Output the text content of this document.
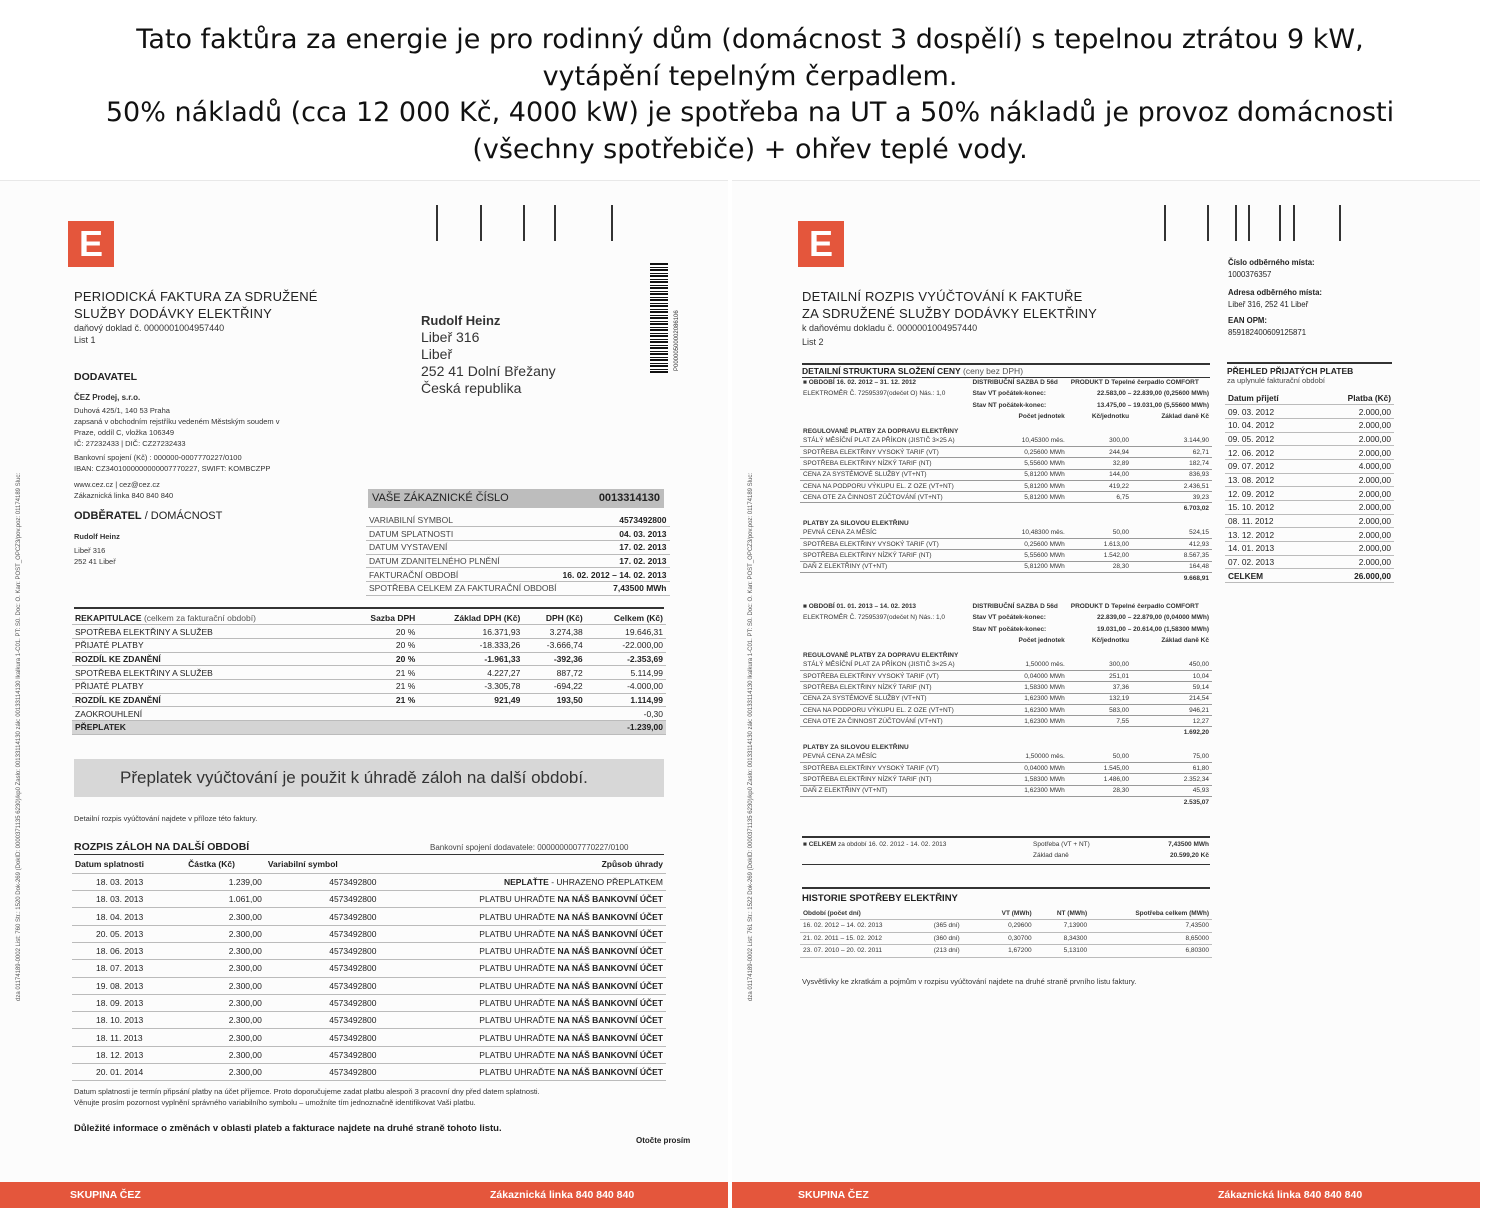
Tato faktůra za energie je pro rodinný dům (domácnost 3 dospělí) s tepelnou ztrátou 9 kW,
vytápění tepelným čerpadlem.
50% nákladů (cca 12 000 Kč, 4000 kW) je spotřeba na UT a 50% nákladů je provoz domácnosti
(všechny spotřebiče) + ohřev teplé vody.
dza 01174189-0002 List: 760 Str.: 1520 Dok-269 (DokID: 0000371135 6230)/kp0 Zaslo: 00133114130 zák: 00133114130 Ikalkura 1-C01. PT: S0. Doc: O. Kan: POST_OPCZ3/pov.poz: 01174189 Sluc:
E
P00000500002086106
PERIODICKÁ FAKTURA ZA SDRUŽENÉ
SLUŽBY DODÁVKY ELEKTŘINY
daňový doklad č. 0000001004957440
List 1
Rudolf Heinz
Libeř 316
Libeř
252 41 Dolní Břežany
Česká republika
DODAVATEL
ČEZ Prodej, s.r.o.
Duhová 425/1, 140 53 Praha
zapsaná v obchodním rejstříku vedeném Městským soudem v
Praze, oddíl C, vložka 106349
IČ: 27232433 | DIČ: CZ27232433
Bankovní spojení (Kč) : 000000-0007770227/0100
IBAN: CZ3401000000000007770227, SWIFT: KOMBCZPP
www.cez.cz | cez@cez.cz
Zákaznická linka 840 840 840
ODBĚRATEL / DOMÁCNOST
Rudolf Heinz
Libeř 316
252 41 Libeř
VAŠE ZÁKAZNICKÉ ČÍSLO	0013314130
VARIABILNÍ SYMBOL	4573492800
DATUM SPLATNOSTI	04. 03. 2013
DATUM VYSTAVENÍ	17. 02. 2013
DATUM ZDANITELNÉHO PLNĚNÍ	17. 02. 2013
FAKTURAČNÍ OBDOBÍ	16. 02. 2012 – 14. 02. 2013
SPOTŘEBA CELKEM ZA FAKTURAČNÍ OBDOBÍ	7,43500 MWh
REKAPITULACE (celkem za fakturační období)	Sazba DPH	Základ DPH (Kč)	DPH (Kč)	Celkem (Kč)
SPOTŘEBA ELEKTŘINY A SLUŽEB	20 %	16.371,93	3.274,38	19.646,31
PŘIJATÉ PLATBY	20 %	-18.333,26	-3.666,74	-22.000,00
ROZDÍL KE ZDANĚNÍ	20 %	-1.961,33	-392,36	-2.353,69
SPOTŘEBA ELEKTŘINY A SLUŽEB	21 %	4.227,27	887,72	5.114,99
PŘIJATÉ PLATBY	21 %	-3.305,78	-694,22	-4.000,00
ROZDÍL KE ZDANĚNÍ	21 %	921,49	193,50	1.114,99
ZAOKROUHLENÍ				-0,30
PŘEPLATEK				-1.239,00
Přeplatek vyúčtování je použit k úhradě záloh na další období.
Detailní rozpis vyúčtování najdete v příloze této faktury.
ROZPIS ZÁLOH NA DALŠÍ OBDOBÍ	Bankovní spojení dodavatele: 0000000007770227/0100
Datum splatnosti	Částka (Kč)	Variabilní symbol	Způsob úhrady
18. 03. 2013	1.239,00	4573492800	NEPLAŤTE - UHRAZENO PŘEPLATKEM
18. 03. 2013	1.061,00	4573492800	PLATBU UHRAĎTE NA NÁŠ BANKOVNÍ ÚČET
18. 04. 2013	2.300,00	4573492800	PLATBU UHRAĎTE NA NÁŠ BANKOVNÍ ÚČET
20. 05. 2013	2.300,00	4573492800	PLATBU UHRAĎTE NA NÁŠ BANKOVNÍ ÚČET
18. 06. 2013	2.300,00	4573492800	PLATBU UHRAĎTE NA NÁŠ BANKOVNÍ ÚČET
18. 07. 2013	2.300,00	4573492800	PLATBU UHRAĎTE NA NÁŠ BANKOVNÍ ÚČET
19. 08. 2013	2.300,00	4573492800	PLATBU UHRAĎTE NA NÁŠ BANKOVNÍ ÚČET
18. 09. 2013	2.300,00	4573492800	PLATBU UHRAĎTE NA NÁŠ BANKOVNÍ ÚČET
18. 10. 2013	2.300,00	4573492800	PLATBU UHRAĎTE NA NÁŠ BANKOVNÍ ÚČET
18. 11. 2013	2.300,00	4573492800	PLATBU UHRAĎTE NA NÁŠ BANKOVNÍ ÚČET
18. 12. 2013	2.300,00	4573492800	PLATBU UHRAĎTE NA NÁŠ BANKOVNÍ ÚČET
20. 01. 2014	2.300,00	4573492800	PLATBU UHRAĎTE NA NÁŠ BANKOVNÍ ÚČET
Datum splatnosti je termín připsání platby na účet příjemce. Proto doporučujeme zadat platbu alespoň 3 pracovní dny před datem splatnosti.
Věnujte prosím pozornost vyplnění správného variabilního symbolu – umožníte tím jednoznačně identifikovat Vaši platbu.
Důležité informace o změnách v oblasti plateb a fakturace najdete na druhé straně tohoto listu.
Otočte prosím
SKUPINA ČEZ	Zákaznická linka 840 840 840
dza 01174189-0002 List: 761 Str.: 1522 Dok-269 (DokID: 0000371135 6230)/kp0 Zaslo: 00133114130 zák: 00133114130 Ikalkura 1-C01. PT: S0. Doc: O. Kan: POST_OPCZ3/pov.poz: 01174189 Sluc:
E
DETAILNÍ ROZPIS VYÚČTOVÁNÍ K FAKTUŘE
ZA SDRUŽENÉ SLUŽBY DODÁVKY ELEKTŘINY
k daňovému dokladu č. 0000001004957440
List 2
Číslo odběrného místa:
1000376357
Adresa odběrného místa:
Libeř 316, 252 41 Libeř
EAN OPM:
859182400609125871
DETAILNÍ STRUKTURA SLOŽENÍ CENY (ceny bez DPH)
■ OBDOBÍ 16. 02. 2012 – 31. 12. 2012	DISTRIBUČNÍ SAZBA D 56d	PRODUKT D Tepelné čerpadlo COMFORT	
ELEKTROMĚR Č. 72595397(odečet O) Nás.: 1,0	Stav VT počátek-konec:	22.583,00 – 22.839,00 (0,25600 MWh)	
	Stav NT počátek-konec:	13.475,00 – 19.031,00 (5,55600 MWh)	
	Počet jednotek	Kč/jednotku	Základ daně Kč
REGULOVANÉ PLATBY ZA DOPRAVU ELEKTŘINY			
STÁLÝ MĚSÍČNÍ PLAT ZA PŘÍKON (JISTIČ 3×25 A)	10,45300 měs.	300,00	3.144,90
SPOTŘEBA ELEKTŘINY VYSOKÝ TARIF (VT)	0,25600 MWh	244,94	62,71
SPOTŘEBA ELEKTŘINY NÍZKÝ TARIF (NT)	5,55600 MWh	32,89	182,74
CENA ZA SYSTÉMOVÉ SLUŽBY (VT+NT)	5,81200 MWh	144,00	836,93
CENA NA PODPORU VÝKUPU EL. Z OZE (VT+NT)	5,81200 MWh	419,22	2.436,51
CENA OTE ZA ČINNOST ZÚČTOVÁNÍ (VT+NT)	5,81200 MWh	6,75	39,23
6.703,02			
PLATBY ZA SILOVOU ELEKTŘINU			
PEVNÁ CENA ZA MĚSÍC	10,48300 měs.	50,00	524,15
SPOTŘEBA ELEKTŘINY VYSOKÝ TARIF (VT)	0,25600 MWh	1.613,00	412,93
SPOTŘEBA ELEKTŘINY NÍZKÝ TARIF (NT)	5,55600 MWh	1.542,00	8.567,35
DAŇ Z ELEKTŘINY (VT+NT)	5,81200 MWh	28,30	164,48
9.668,91			
■ OBDOBÍ 01. 01. 2013 – 14. 02. 2013	DISTRIBUČNÍ SAZBA D 56d	PRODUKT D Tepelné čerpadlo COMFORT	
ELEKTROMĚR Č. 72595397(odečet N) Nás.: 1,0	Stav VT počátek-konec:	22.839,00 – 22.879,00 (0,04000 MWh)	
	Stav NT počátek-konec:	19.031,00 – 20.614,00 (1,58300 MWh)	
	Počet jednotek	Kč/jednotku	Základ daně Kč
REGULOVANÉ PLATBY ZA DOPRAVU ELEKTŘINY			
STÁLÝ MĚSÍČNÍ PLAT ZA PŘÍKON (JISTIČ 3×25 A)	1,50000 měs.	300,00	450,00
SPOTŘEBA ELEKTŘINY VYSOKÝ TARIF (VT)	0,04000 MWh	251,01	10,04
SPOTŘEBA ELEKTŘINY NÍZKÝ TARIF (NT)	1,58300 MWh	37,36	59,14
CENA ZA SYSTÉMOVÉ SLUŽBY (VT+NT)	1,62300 MWh	132,19	214,54
CENA NA PODPORU VÝKUPU EL. Z OZE (VT+NT)	1,62300 MWh	583,00	946,21
CENA OTE ZA ČINNOST ZÚČTOVÁNÍ (VT+NT)	1,62300 MWh	7,55	12,27
1.692,20			
PLATBY ZA SILOVOU ELEKTŘINU			
PEVNÁ CENA ZA MĚSÍC	1,50000 měs.	50,00	75,00
SPOTŘEBA ELEKTŘINY VYSOKÝ TARIF (VT)	0,04000 MWh	1.545,00	61,80
SPOTŘEBA ELEKTŘINY NÍZKÝ TARIF (NT)	1,58300 MWh	1.486,00	2.352,34
DAŇ Z ELEKTŘINY (VT+NT)	1,62300 MWh	28,30	45,93
2.535,07			
■ CELKEM za období 16. 02. 2012 - 14. 02. 2013	Spotřeba (VT + NT)	7,43500 MWh
	Základ daně	20.599,20 Kč
PŘEHLED PŘIJATÝCH PLATEB
za uplynulé fakturační období
Datum přijetí	Platba (Kč)
09. 03. 2012	2.000,00
10. 04. 2012	2.000,00
09. 05. 2012	2.000,00
12. 06. 2012	2.000,00
09. 07. 2012	4.000,00
13. 08. 2012	2.000,00
12. 09. 2012	2.000,00
15. 10. 2012	2.000,00
08. 11. 2012	2.000,00
13. 12. 2012	2.000,00
14. 01. 2013	2.000,00
07. 02. 2013	2.000,00
CELKEM	26.000,00
HISTORIE SPOTŘEBY ELEKTŘINY
Období (počet dní)		VT (MWh)	NT (MWh)	Spotřeba celkem (MWh)
16. 02. 2012 – 14. 02. 2013	(365 dní)	0,29600	7,13900	7,43500
21. 02. 2011 – 15. 02. 2012	(360 dní)	0,30700	8,34300	8,65000
23. 07. 2010 – 20. 02. 2011	(213 dní)	1,67200	5,13100	6,80300
Vysvětlivky ke zkratkám a pojmům v rozpisu vyúčtování najdete na druhé straně prvního listu faktury.
SKUPINA ČEZ	Zákaznická linka 840 840 840
